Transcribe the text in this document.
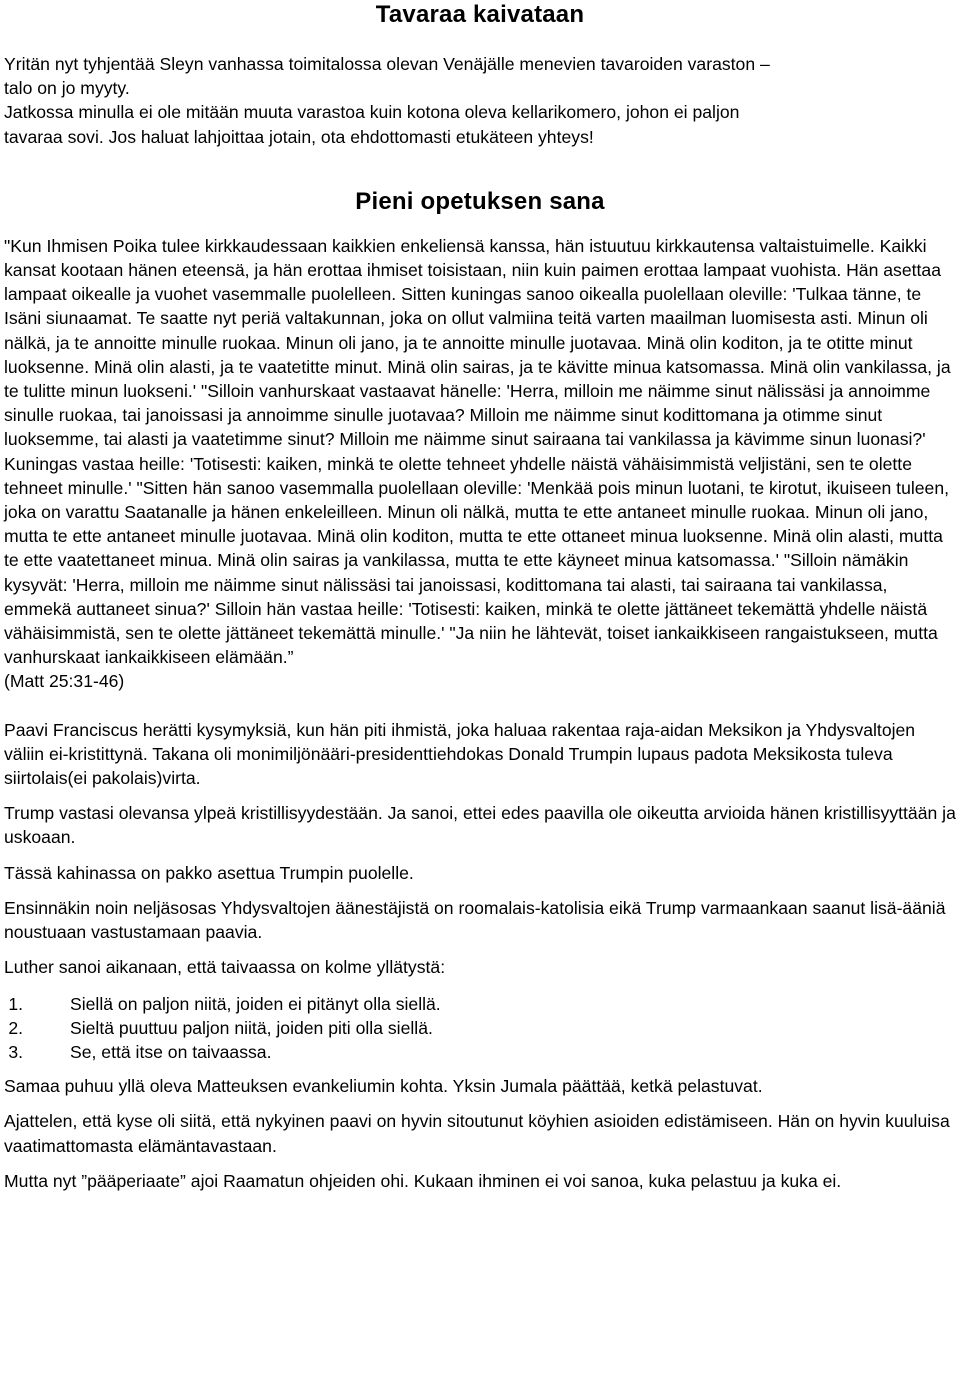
Tavaraa kaivataan

Yritän nyt tyhjentää Sleyn vanhassa toimitalossa olevan Venäjälle menevien tavaroiden varaston –
talo on jo myyty.
Jatkossa minulla ei ole mitään muuta varastoa kuin kotona oleva kellarikomero, johon ei paljon
tavaraa sovi. Jos haluat lahjoittaa jotain, ota ehdottomasti etukäteen yhteys!

Pieni opetuksen sana

"Kun Ihmisen Poika tulee kirkkaudessaan kaikkien enkeliensä kanssa, hän istuutuu kirkkautensa valtaistuimelle. Kaikki kansat kootaan hänen eteensä, ja hän erottaa ihmiset toisistaan, niin kuin paimen erottaa lampaat vuohista. Hän asettaa lampaat oikealle ja vuohet vasemmalle puolelleen. Sitten kuningas sanoo oikealla puolellaan oleville: 'Tulkaa tänne, te Isäni siunaamat. Te saatte nyt periä valtakunnan, joka on ollut valmiina teitä varten maailman luomisesta asti. Minun oli nälkä, ja te annoitte minulle ruokaa. Minun oli jano, ja te annoitte minulle juotavaa. Minä olin koditon, ja te otitte minut luoksenne. Minä olin alasti, ja te vaatetitte minut. Minä olin sairas, ja te kävitte minua katsomassa. Minä olin vankilassa, ja te tulitte minun luokseni.' "Silloin vanhurskaat vastaavat hänelle: 'Herra, milloin me näimme sinut nälissäsi ja annoimme sinulle ruokaa, tai janoissasi ja annoimme sinulle juotavaa? Milloin me näimme sinut kodittomana ja otimme sinut luoksemme, tai alasti ja vaatetimme sinut? Milloin me näimme sinut sairaana tai vankilassa ja kävimme sinun luonasi?' Kuningas vastaa heille: 'Totisesti: kaiken, minkä te olette tehneet yhdelle näistä vähäisimmistä veljistäni, sen te olette tehneet minulle.' "Sitten hän sanoo vasemmalla puolellaan oleville: 'Menkää pois minun luotani, te kirotut, ikuiseen tuleen, joka on varattu Saatanalle ja hänen enkeleilleen. Minun oli nälkä, mutta te ette antaneet minulle ruokaa. Minun oli jano, mutta te ette antaneet minulle juotavaa. Minä olin koditon, mutta te ette ottaneet minua luoksenne. Minä olin alasti, mutta te ette vaatettaneet minua. Minä olin sairas ja vankilassa, mutta te ette käyneet minua katsomassa.' "Silloin nämäkin kysyvät: 'Herra, milloin me näimme sinut nälissäsi tai janoissasi, kodittomana tai alasti, tai sairaana tai vankilassa, emmekä auttaneet sinua?' Silloin hän vastaa heille: 'Totisesti: kaiken, minkä te olette jättäneet tekemättä yhdelle näistä vähäisimmistä, sen te olette jättäneet tekemättä minulle.' "Ja niin he lähtevät, toiset iankaikkiseen rangaistukseen, mutta vanhurskaat iankaikkiseen elämään.”

(Matt 25:31-46)

Paavi Franciscus herätti kysymyksiä, kun hän piti ihmistä, joka haluaa rakentaa raja-aidan Meksikon ja Yhdysvaltojen väliin ei-kristittynä. Takana oli monimiljönääri-presidenttiehdokas Donald Trumpin lupaus padota Meksikosta tuleva siirtolais(ei pakolais)virta.

Trump vastasi olevansa ylpeä kristillisyydestään. Ja sanoi, ettei edes paavilla ole oikeutta arvioida hänen kristillisyyttään ja uskoaan.

Tässä kahinassa on pakko asettua Trumpin puolelle.

Ensinnäkin noin neljäsosas Yhdysvaltojen äänestäjistä on roomalais-katolisia eikä Trump varmaankaan saanut lisä-ääniä noustuaan vastustamaan paavia.

Luther sanoi aikanaan, että taivaassa on kolme yllätystä:

1.	Siellä on paljon niitä, joiden ei pitänyt olla siellä.
2.	Sieltä puuttuu paljon niitä, joiden piti olla siellä.
3.	Se, että itse on taivaassa.

Samaa puhuu yllä oleva Matteuksen evankeliumin kohta. Yksin Jumala päättää, ketkä pelastuvat.

Ajattelen, että kyse oli siitä, että nykyinen paavi on hyvin sitoutunut köyhien asioiden edistämiseen. Hän on hyvin kuuluisa vaatimattomasta elämäntavastaan.

Mutta nyt ”pääperiaate” ajoi Raamatun ohjeiden ohi. Kukaan ihminen ei voi sanoa, kuka pelastuu ja kuka ei.
